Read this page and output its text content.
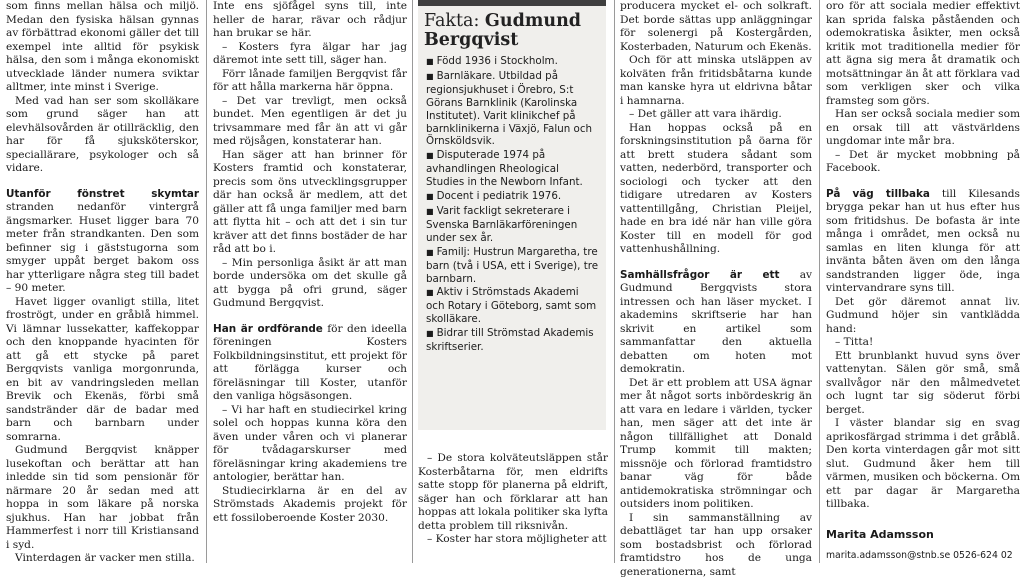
som finns mellan hälsa och miljö. Medan den fysiska hälsan gynnas av förbättrad ekonomi gäller det till exempel inte alltid för psykisk hälsa, den som i många ekonomiskt utvecklade länder numera sviktar alltmer, inte minst i Sverige.

Med vad han ser som skolläkare som grund säger han att elevhälsovården är otillräcklig, den har för få sjuksköterskor, speciallärare, psykologer och så vidare.

Utanför fönstret skymtar stranden nedanför vintergrå ängsmarker. Huset ligger bara 70 meter från strandkanten. Den som befinner sig i gäststugorna som smyger uppåt berget bakom oss har ytterligare några steg till badet – 90 meter.

Havet ligger ovanligt stilla, litet froströgt, under en gråblå himmel. Vi lämnar lussekatter, kaffekoppar och den knoppande hyacinten för att gå ett stycke på paret Bergqvists vanliga morgonrunda, en bit av vandringsleden mellan Brevik och Ekenäs, förbi små sandstränder där de badar med barn och barnbarn under somrarna.

Gudmund Bergqvist knäpper lusekoftan och berättar att han inledde sin tid som pensionär för närmare 20 år sedan med att hoppa in som läkare på norska sjukhus. Han har jobbat från Hammerfest i norr till Kristiansand i syd.

Vinterdagen är vacker men stilla.

Inte ens sjöfågel syns till, inte heller de harar, rävar och rådjur han brukar se här.

– Kosters fyra älgar har jag däremot inte sett till, säger han.

Förr lånade familjen Bergqvist får för att hålla markerna här öppna.

– Det var trevligt, men också bundet. Men egentligen är det ju trivsammare med får än att vi går med röjsågen, konstaterar han.

Han säger att han brinner för Kosters framtid och konstaterar, precis som öns utvecklingsgrupper där han också är medlem, att det gäller att få unga familjer med barn att flytta hit – och att det i sin tur kräver att det finns bostäder de har råd att bo i.

– Min personliga åsikt är att man borde undersöka om det skulle gå att bygga på ofri grund, säger Gudmund Bergqvist.

Han är ordförande för den ideella föreningen Kosters Folkbildningsinstitut, ett projekt för att förlägga kurser och föreläsningar till Koster, utanför den vanliga högsäsongen.

– Vi har haft en studiecirkel kring solel och hoppas kunna köra den även under våren och vi planerar för tvådagarskurser med föreläsningar kring akademiens tre antologier, berättar han.

Studiecirklarna är en del av Strömstads Akademis projekt för ett fossiloberoende Koster 2030.

Fakta: Gudmund Bergqvist
■ Född 1936 i Stockholm.
■ Barnläkare. Utbildad på regionsjukhuset i Örebro, S:t Görans Barnklinik (Karolinska Institutet). Varit klinikchef på barnklinikerna i Växjö, Falun och Örnsköldsvik.
■ Disputerade 1974 på avhandlingen Rheological Studies in the Newborn Infant.
■ Docent i pediatrik 1976.
■ Varit fackligt sekreterare i Svenska Barnläkarföreningen under sex år.
■ Familj: Hustrun Margaretha, tre barn (två i USA, ett i Sverige), tre barnbarn.
■ Aktiv i Strömstads Akademi och Rotary i Göteborg, samt som skolläkare.
■ Bidrar till Strömstad Akademis skriftserier.

– De stora kolväteutsläppen står Kosterbåtarna för, men eldrifts satte stopp för planerna på eldrift, säger han och förklarar att han hoppas att lokala politiker ska lyfta detta problem till riksnivån.

– Koster har stora möjligheter att

producera mycket el- och solkraft. Det borde sättas upp anläggningar för solenergi på Kostergården, Kosterbaden, Naturum och Ekenäs.

Och för att minska utsläppen av kolväten från fritidsbåtarna kunde man kanske hyra ut eldrivna båtar i hamnarna.

– Det gäller att vara ihärdig.

Han hoppas också på en forskningsinstitution på öarna för att brett studera sådant som vatten, nederbörd, transporter och sociologi och tycker att den tidigare utredaren av Kosters vattentillgång, Christian Pleijel, hade en bra idé när han ville göra Koster till en modell för god vattenhushållning.

Samhällsfrågor är ett av Gudmund Bergqvists stora intressen och han läser mycket. I akademins skriftserie har han skrivit en artikel som sammanfattar den aktuella debatten om hoten mot demokratin.

Det är ett problem att USA ägnar mer åt något sorts inbördeskrig än att vara en ledare i världen, tycker han, men säger att det inte är någon tillfällighet att Donald Trump kommit till makten; missnöje och förlorad framtidstro banar väg för både antidemokratiska strömningar och outsiders inom politiken.

I sin sammanställning av debattläget tar han upp orsaker som bostadsbrist och förlorad framtidstro hos de unga generationerna, samt

oro för att sociala medier effektivt kan sprida falska påståenden och odemokratiska åsikter, men också kritik mot traditionella medier för att ägna sig mera åt dramatik och motsättningar än åt att förklara vad som verkligen sker och vilka framsteg som görs.

Han ser också sociala medier som en orsak till att västvärldens ungdomar inte mår bra.

– Det är mycket mobbning på Facebook.

På väg tillbaka till Kilesands brygga pekar han ut hus efter hus som fritidshus. De bofasta är inte många i området, men också nu samlas en liten klunga för att invänta båten även om den långa sandstranden ligger öde, inga vintervandrare syns till.

Det gör däremot annat liv. Gudmund höjer sin vantklädda hand:

– Titta!

Ett brunblankt huvud syns över vattenytan. Sälen gör små, små svallvågor när den målmedvetet och lugnt tar sig söderut förbi berget.

I väster blandar sig en svag aprikosfärgad strimma i det gråblå. Den korta vinterdagen går mot sitt slut. Gudmund åker hem till värmen, musiken och böckerna. Om ett par dagar är Margaretha tillbaka.

Marita Adamsson
marita.adamsson@stnb.se 0526-624 02
